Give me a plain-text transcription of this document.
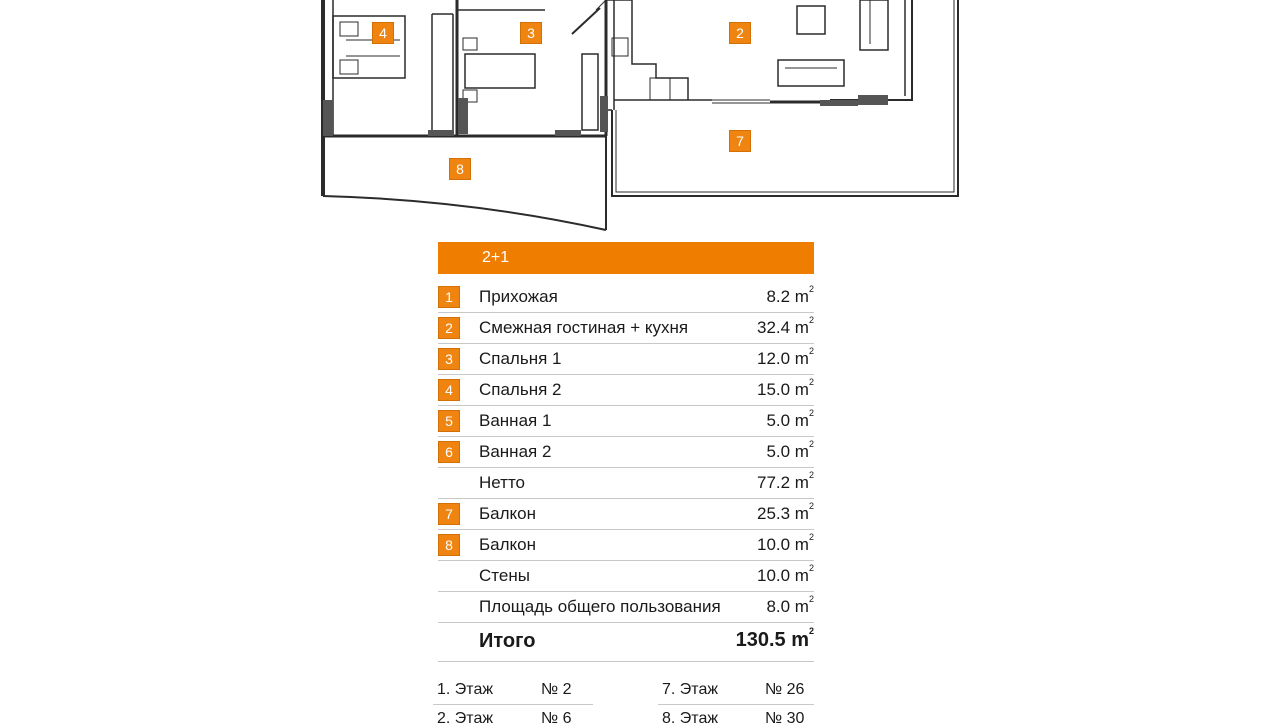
4	3	2
7
8
2+1
1	Прихожая	8.2 $m^2$
2	Смежная гостиная + кухня	32.4 $m^2$
3	Спальня 1	12.0 $m^2$
4	Спальня 2	15.0 $m^2$
5	Ванная 1	5.0 $m^2$
6	Ванная 2	5.0 $m^2$
Нетто	77.2 $m^2$
7	Балкон	25.3 $m^2$
8	Балкон	10.0 $m^2$
Стены	10.0 $m^2$
Площадь общего пользования	8.0 $m^2$
Итого	130.5 $m^2$
1. Этаж	№ 2	7. Этаж	№ 26
2. Этаж	№ 6	8. Этаж	№ 30
